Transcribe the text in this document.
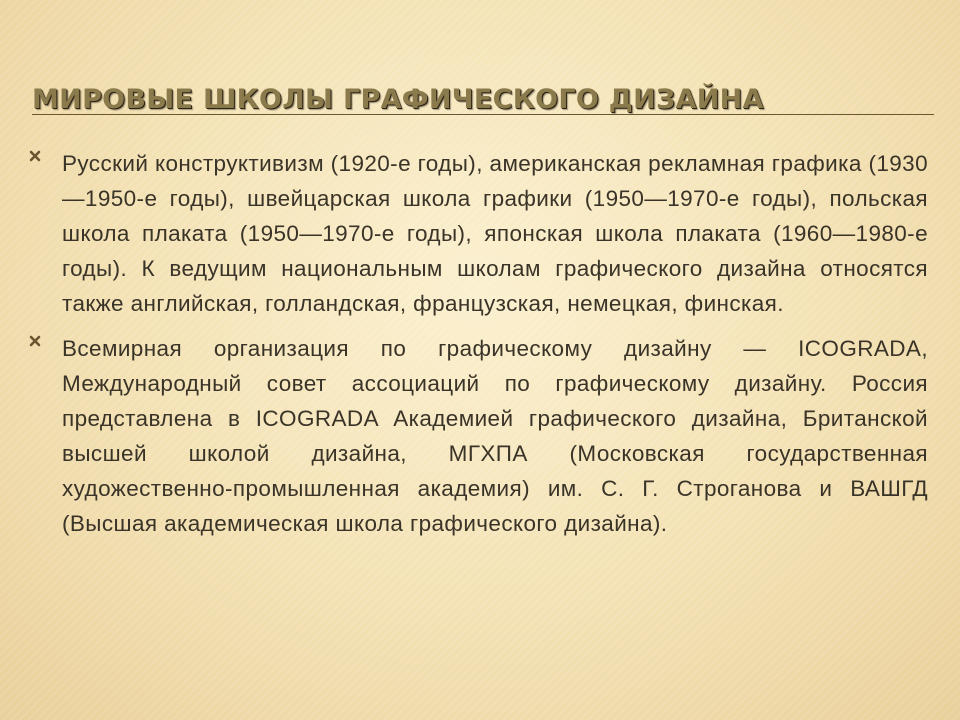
МИРОВЫЕ ШКОЛЫ ГРАФИЧЕСКОГО ДИЗАЙНА

Русский конструктивизм (1920-е годы), американская рекламная графика (1930—1950-е годы), швейцарская школа графики (1950—1970-е годы), польская школа плаката (1950—1970-е годы), японская школа плаката (1960—1980-е годы). К ведущим национальным школам графического дизайна относятся также английская, голландская, французская, немецкая, финская.

Всемирная организация по графическому дизайну — ICOGRADA, Международный совет ассоциаций по графическому дизайну. Россия представлена в ICOGRADA Академией графического дизайна, Британской высшей школой дизайна, МГХПА (Московская государственная художественно-промышленная академия) им. С. Г. Строганова и ВАШГД (Высшая академическая школа графического дизайна).
